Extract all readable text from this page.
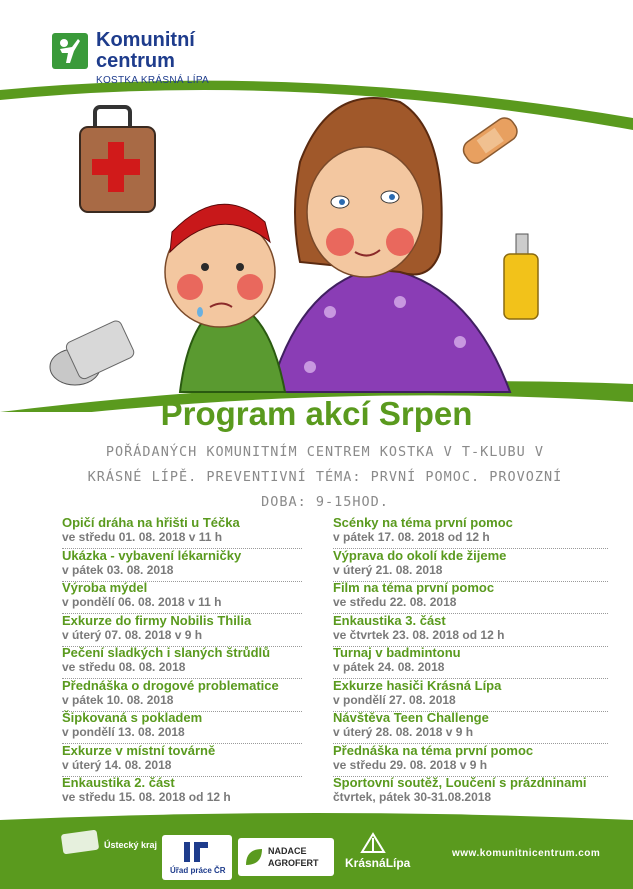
Komunitní
centrum
KOSTKA KRÁSNÁ LÍPA
Program akcí Srpen
POŘÁDANÝCH KOMUNITNÍM CENTREM KOSTKA V T-KLUBU V KRÁSNÉ LÍPĚ. PREVENTIVNÍ TÉMA: PRVNÍ POMOC. PROVOZNÍ DOBA: 9-15HOD.
Opičí dráha na hřišti u Téčka
ve středu 01. 08. 2018 v 11 h
Ukázka - vybavení lékarničky
v pátek 03. 08. 2018
Výroba mýdel
v pondělí 06. 08. 2018 v 11 h
Exkurze do firmy Nobilis Thilia
v úterý 07. 08. 2018 v 9 h
Pečení sladkých i slaných štrůdlů
ve středu 08. 08. 2018
Přednáška o drogové problematice
v pátek 10. 08. 2018
Šipkovaná s pokladem
v pondělí 13. 08. 2018
Exkurze v místní továrně
v úterý 14. 08. 2018
Enkaustika 2. část
ve středu 15. 08. 2018 od 12 h
Scénky na téma první pomoc
v pátek 17. 08. 2018 od 12 h
Výprava do okolí kde žijeme
v úterý 21. 08. 2018
Film na téma první pomoc
ve středu 22. 08. 2018
Enkaustika 3. část
ve čtvrtek 23. 08. 2018 od 12 h
Turnaj v badmintonu
v pátek 24. 08. 2018
Exkurze hasiči Krásná Lípa
v pondělí 27. 08. 2018
Návštěva Teen Challenge
v úterý 28. 08. 2018 v 9 h
Přednáška na téma první pomoc
ve středu 29. 08. 2018 v 9 h
Sportovní soutěž, Loučení s prázdninami
čtvrtek, pátek 30-31.08.2018
Ústecký kraj
Úřad práce ČR
NADACE
AGROFERT KrásnáLípa
www.komunitnicentrum.com
